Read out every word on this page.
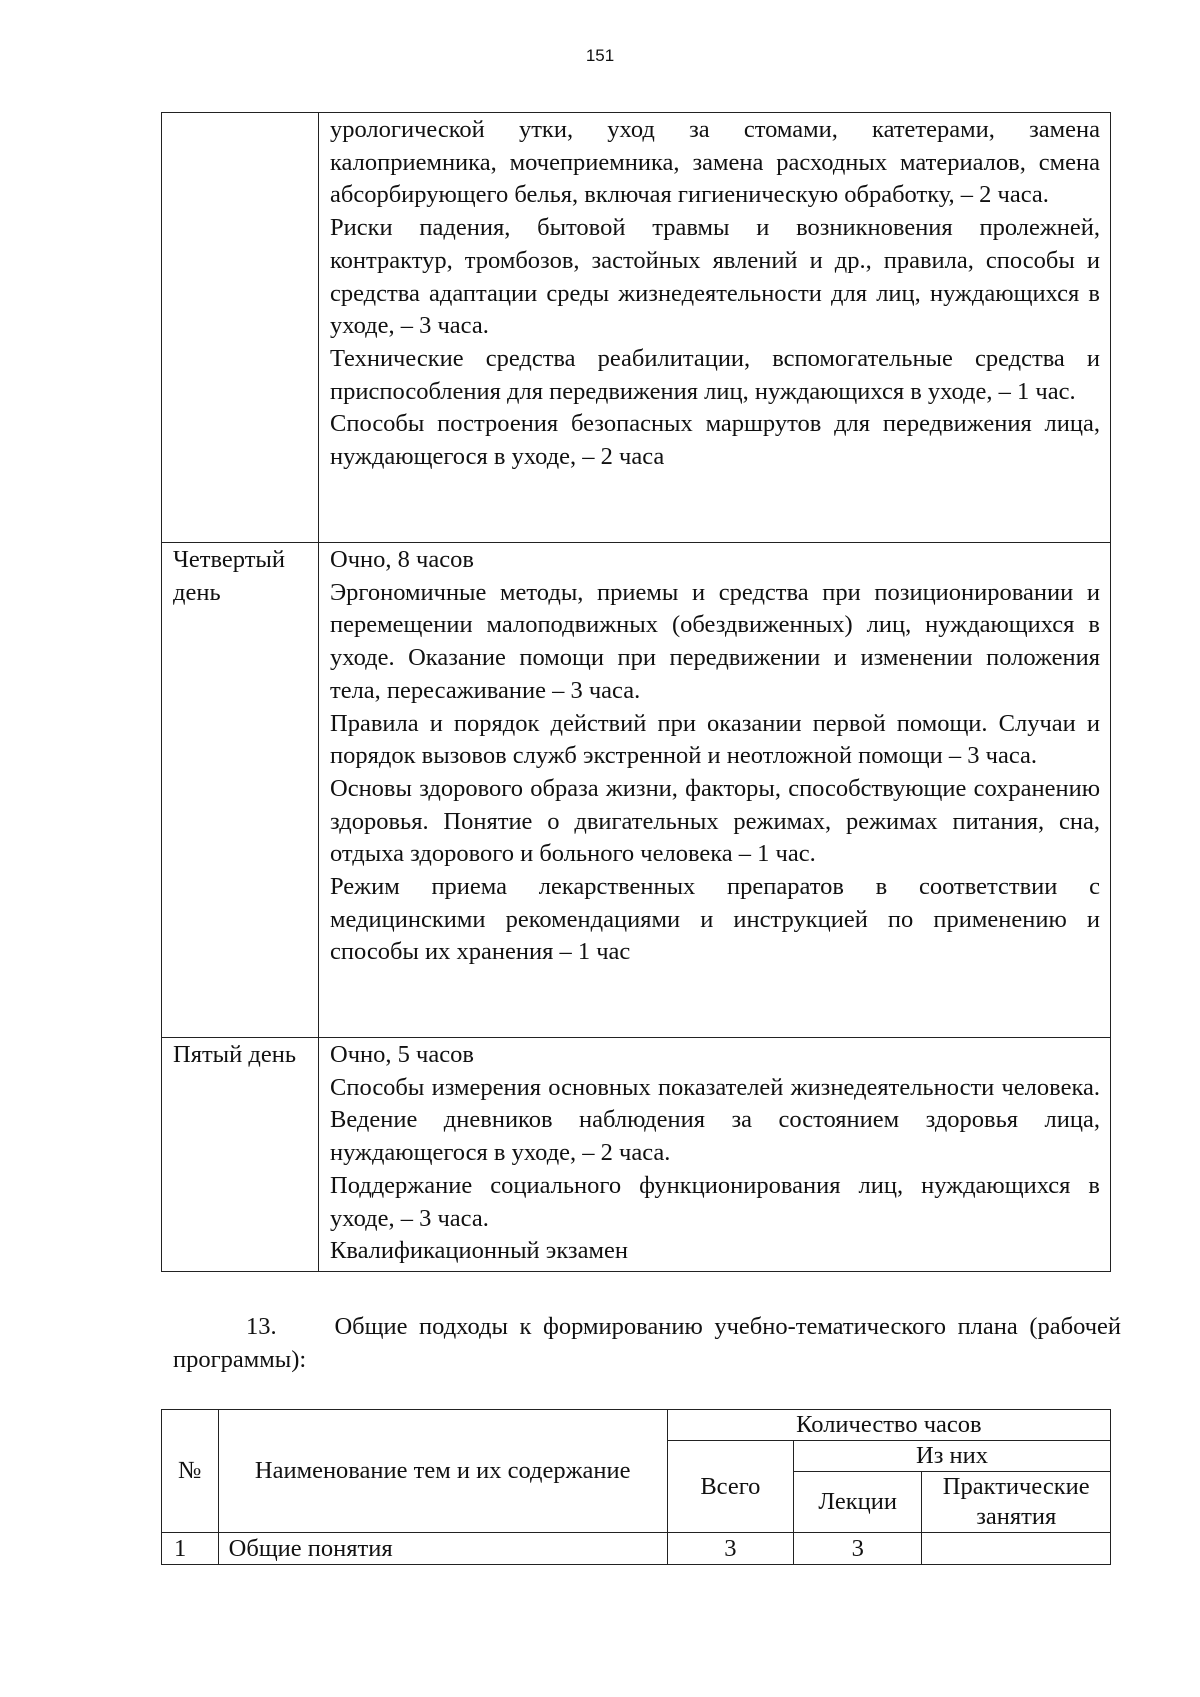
151

	урологической утки, уход за стомами, катетерами, замена калоприемника, мочеприемника, замена расходных материалов, смена абсорбирующего белья, включая гигиеническую обработку, – 2 часа.

Риски падения, бытовой травмы и возникновения пролежней, контрактур, тромбозов, застойных явлений и др., правила, способы и средства адаптации среды жизнедеятельности для лиц, нуждающихся в уходе, – 3 часа.

Технические средства реабилитации, вспомогательные средства и приспособления для передвижения лиц, нуждающихся в уходе, – 1 час.

Способы построения безопасных маршрутов для передвижения лица, нуждающегося в уходе, – 2 часа

Четвертый день	Очно, 8 часов

Эргономичные методы, приемы и средства при позиционировании и перемещении малоподвижных (обездвиженных) лиц, нуждающихся в уходе. Оказание помощи при передвижении и изменении положения тела, пересаживание – 3 часа.

Правила и порядок действий при оказании первой помощи. Случаи и порядок вызовов служб экстренной и неотложной помощи – 3 часа.

Основы здорового образа жизни, факторы, способствующие сохранению здоровья. Понятие о двигательных режимах, режимах питания, сна, отдыха здорового и больного человека – 1 час.

Режим приема лекарственных препаратов в соответствии с медицинскими рекомендациями и инструкцией по применению и способы их хранения – 1 час

Пятый день	Очно, 5 часов

Способы измерения основных показателей жизнедеятельности человека. Ведение дневников наблюдения за состоянием здоровья лица, нуждающегося в уходе, – 2 часа.

Поддержание социального функционирования лиц, нуждающихся в уходе, – 3 часа.

Квалификационный экзамен

13. Общие подходы к формированию учебно-тематического плана (рабочей программы):

№	Наименование тем и их содержание	Количество часов		
		Всего	Из них	
			Лекции	Практические занятия
1	Общие понятия	3	3	
